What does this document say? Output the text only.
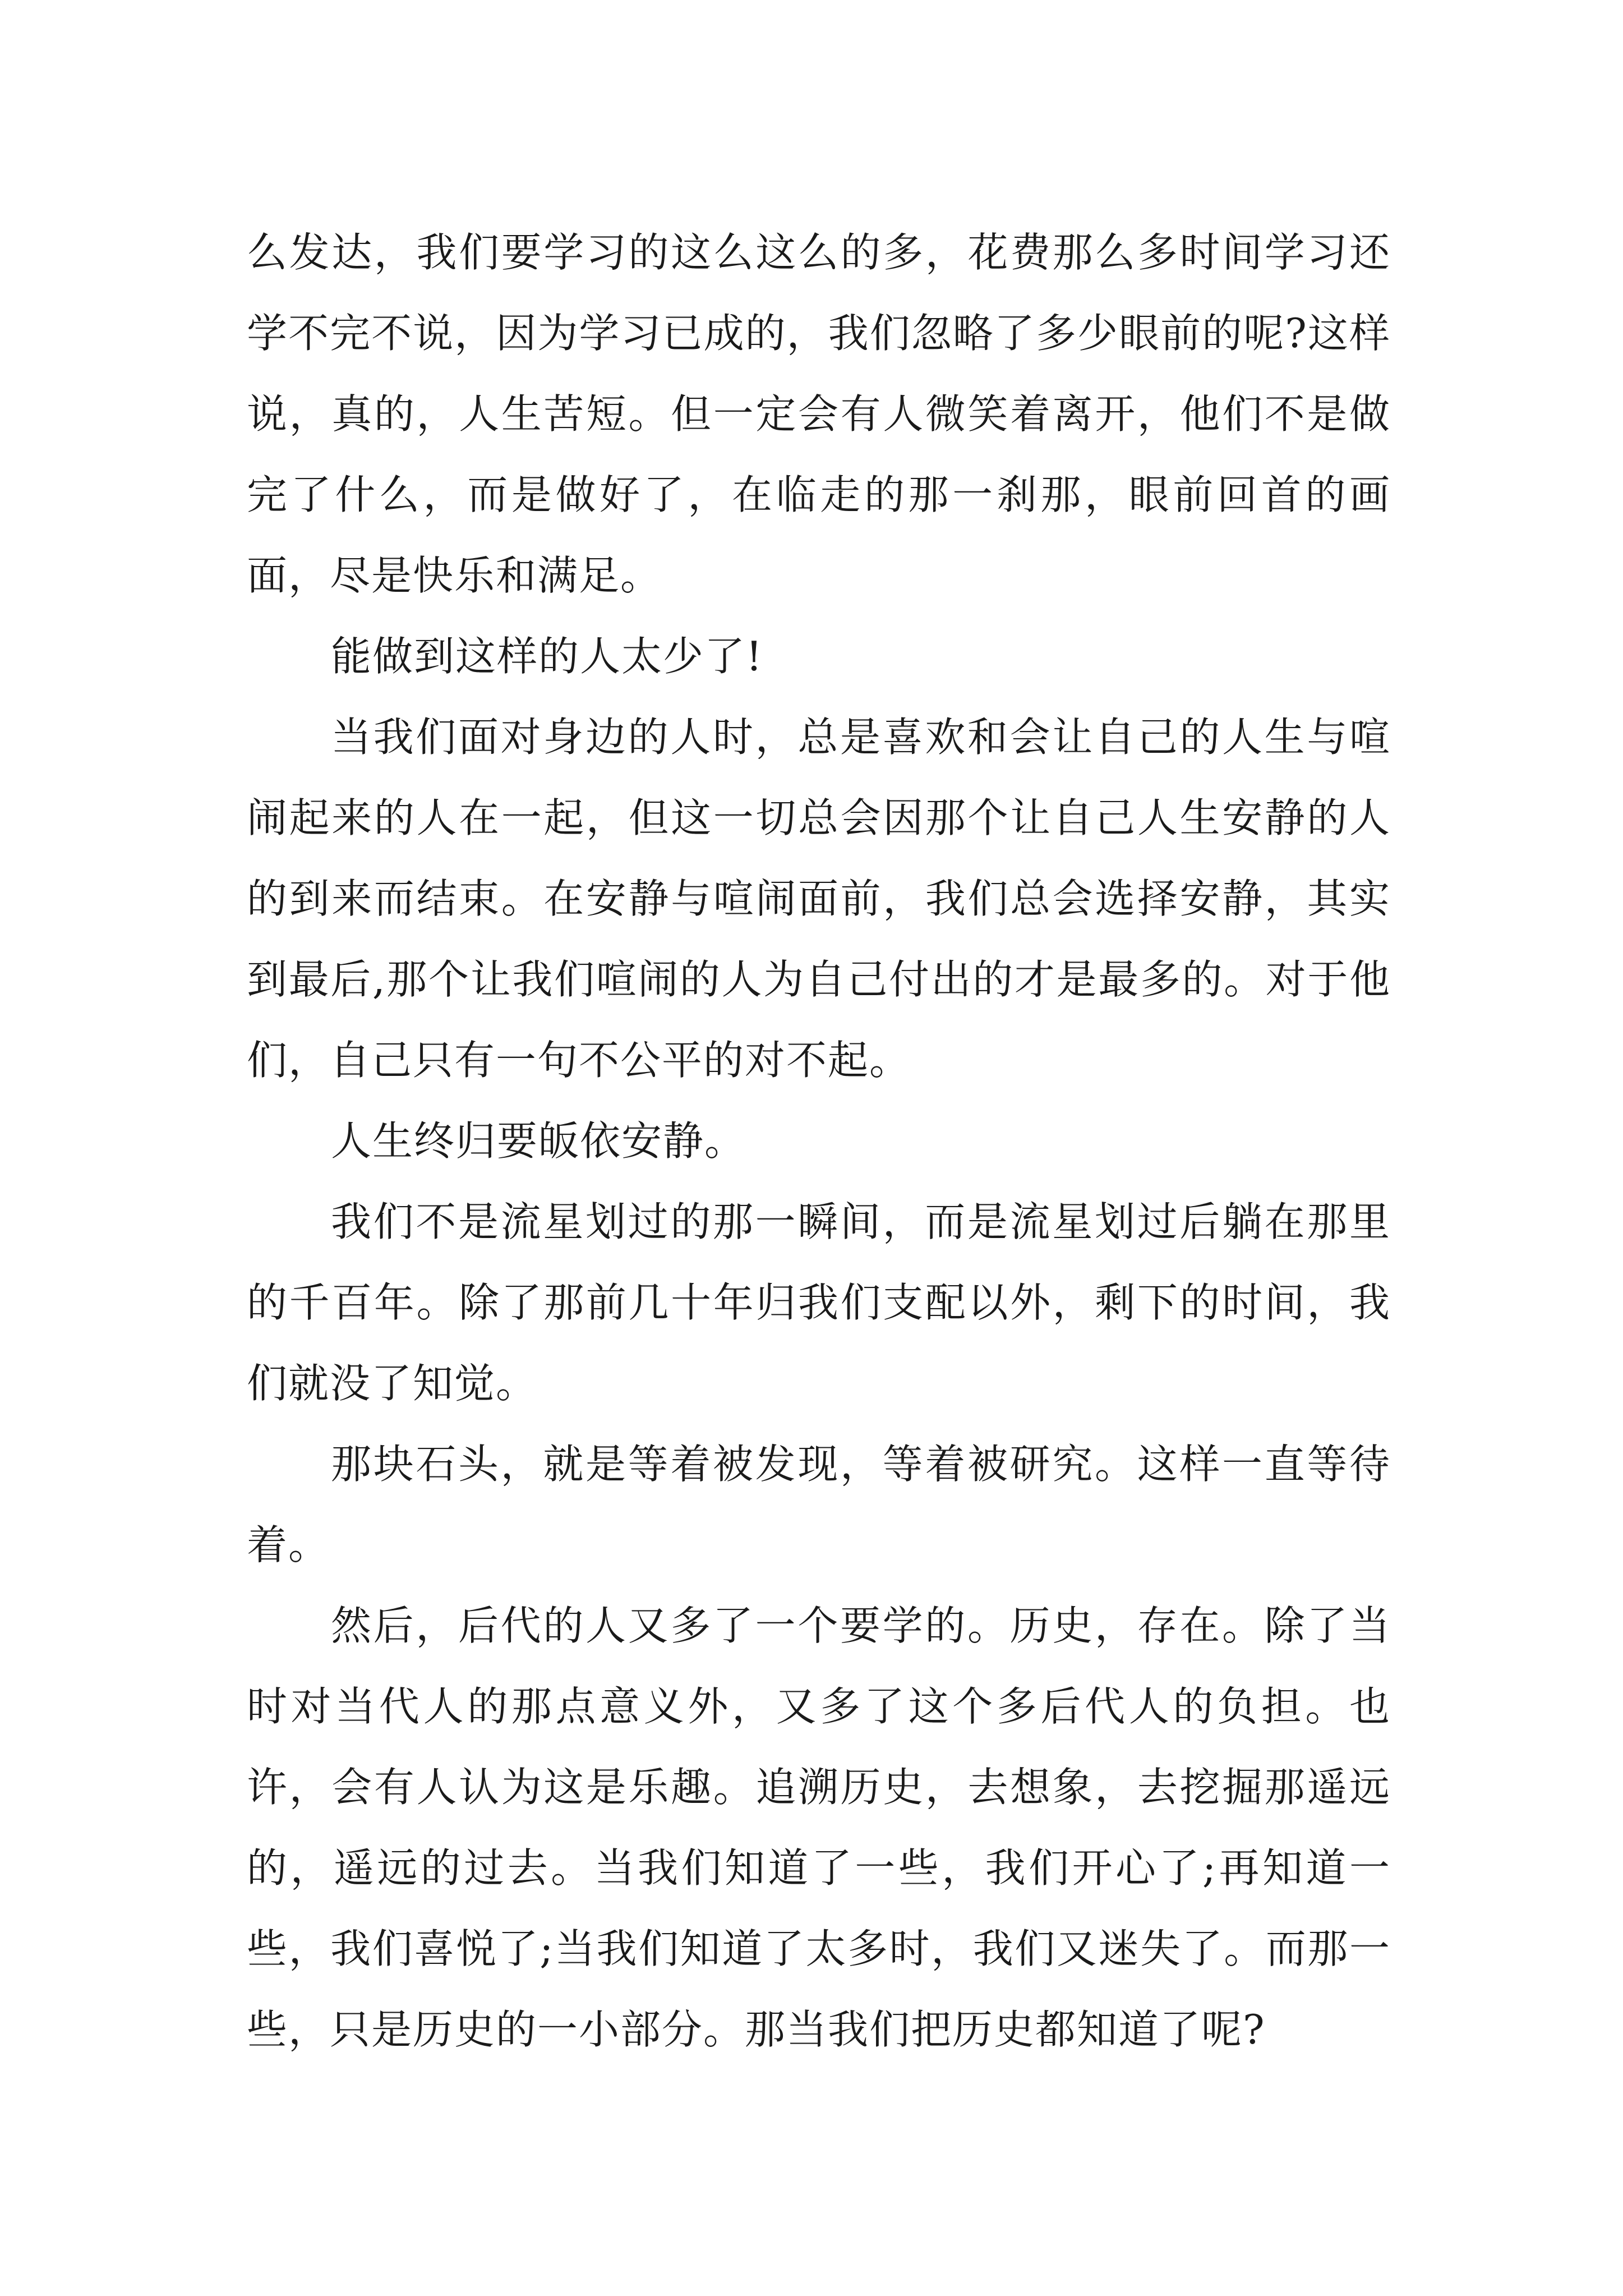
么发达，我们要学习的这么这么的多，花费那么多时间学习还学不完不说，因为学习已成的，我们忽略了多少眼前的呢?这样说，真的，人生苦短。但一定会有人微笑着离开，他们不是做完了什么，而是做好了，在临走的那一刹那，眼前回首的画面，尽是快乐和满足。

能做到这样的人太少了!

当我们面对身边的人时，总是喜欢和会让自己的人生与喧闹起来的人在一起，但这一切总会因那个让自己人生安静的人的到来而结束。在安静与喧闹面前，我们总会选择安静，其实到最后,那个让我们喧闹的人为自己付出的才是最多的。对于他们，自己只有一句不公平的对不起。

人生终归要皈依安静。

我们不是流星划过的那一瞬间，而是流星划过后躺在那里的千百年。除了那前几十年归我们支配以外，剩下的时间，我们就没了知觉。

那块石头，就是等着被发现，等着被研究。这样一直等待着。

然后，后代的人又多了一个要学的。历史，存在。除了当时对当代人的那点意义外，又多了这个多后代人的负担。也许，会有人认为这是乐趣。追溯历史，去想象，去挖掘那遥远的，遥远的过去。当我们知道了一些，我们开心了;再知道一些，我们喜悦了;当我们知道了太多时，我们又迷失了。而那一些，只是历史的一小部分。那当我们把历史都知道了呢?
